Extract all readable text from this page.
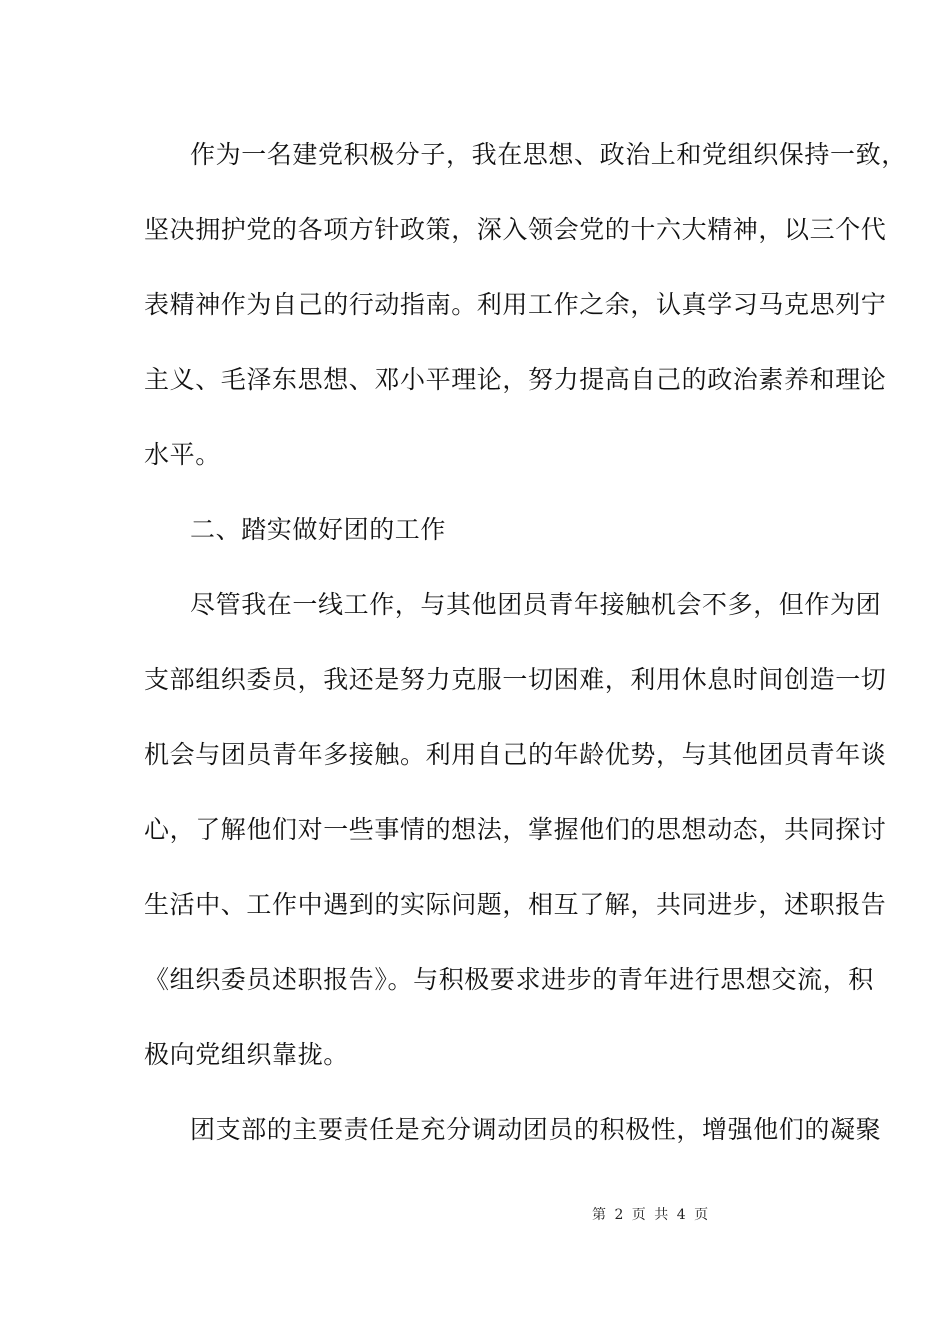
作为一名建党积极分子，我在思想、政治上和党组织保持一致，
坚决拥护党的各项方针政策，深入领会党的十六大精神，以三个代
表精神作为自己的行动指南。利用工作之余，认真学习马克思列宁
主义、毛泽东思想、邓小平理论，努力提高自己的政治素养和理论
水平。
二、踏实做好团的工作
尽管我在一线工作，与其他团员青年接触机会不多，但作为团
支部组织委员，我还是努力克服一切困难，利用休息时间创造一切
机会与团员青年多接触。利用自己的年龄优势，与其他团员青年谈
心，了解他们对一些事情的想法，掌握他们的思想动态，共同探讨
生活中、工作中遇到的实际问题，相互了解，共同进步，述职报告
《组织委员述职报告》。与积极要求进步的青年进行思想交流，积
极向党组织靠拢。
团支部的主要责任是充分调动团员的积极性，增强他们的凝聚
第 2 页 共 4 页
